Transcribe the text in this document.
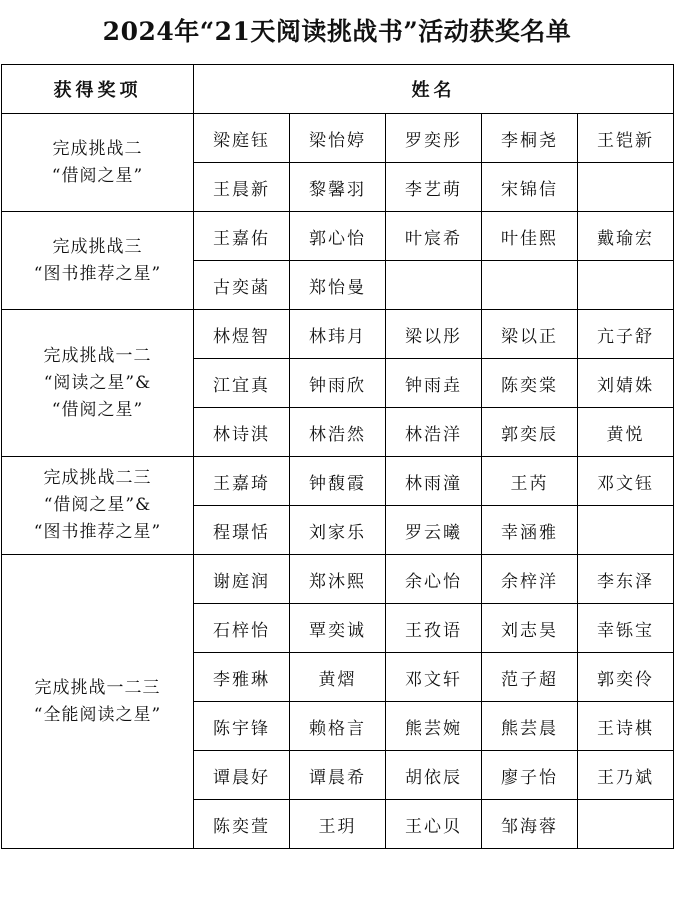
2024年“21天阅读挑战书”活动获奖名单
获得奖项	姓名				

完成挑战二
“借阅之星”	梁庭钰	梁怡婷	罗奕彤	李桐尧	王铠新
	王晨新	黎馨羽	李艺萌	宋锦信	

完成挑战三
“图书推荐之星”	王嘉佑	郭心怡	叶宸希	叶佳熙	戴瑜宏
	古奕菡	郑怡曼			

完成挑战一二
“阅读之星”&
“借阅之星”	林煜智	林玮月	梁以彤	梁以正	亢子舒
	江宜真	钟雨欣	钟雨垚	陈奕棠	刘婧姝
	林诗淇	林浩然	林浩洋	郭奕辰	黄悦

完成挑战二三
“借阅之星”&
“图书推荐之星”	王嘉琦	钟馥霞	林雨潼	王芮	邓文钰
	程璟恬	刘家乐	罗云曦	幸涵雅	

完成挑战一二三
“全能阅读之星”	谢庭润	郑沐熙	余心怡	余梓洋	李东泽
	石梓怡	覃奕诚	王孜语	刘志昊	幸铄宝
	李雅琳	黄熠	邓文轩	范子超	郭奕伶
	陈宇锋	赖格言	熊芸婉	熊芸晨	王诗棋
	谭晨好	谭晨希	胡依辰	廖子怡	王乃斌
	陈奕萱	王玥	王心贝	邹海蓉	
